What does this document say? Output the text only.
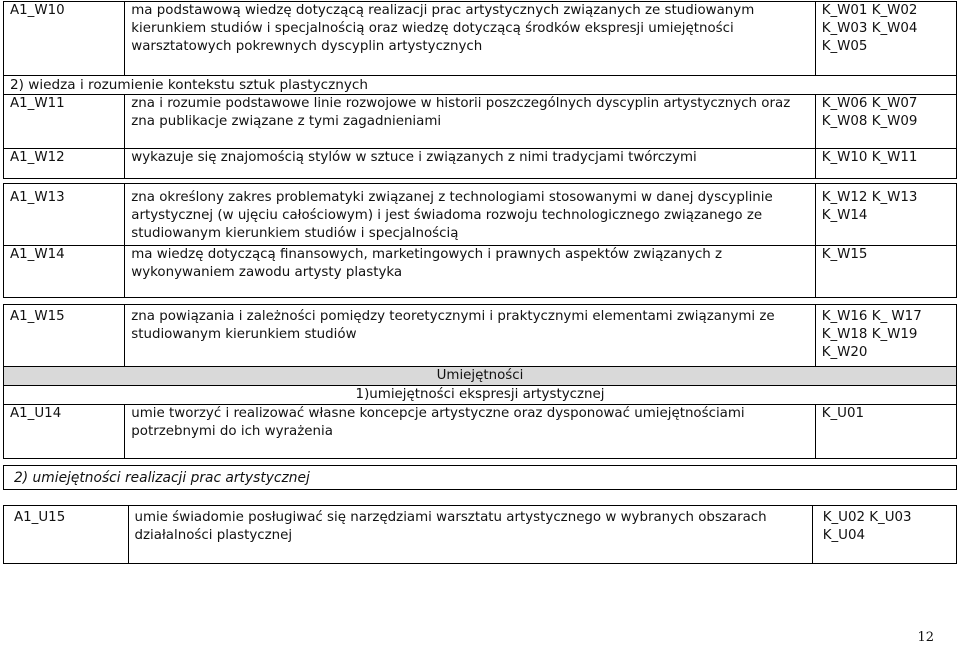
A1_W10	ma podstawową wiedzę dotyczącą realizacji prac artystycznych związanych ze studiowanym kierunkiem studiów i specjalnością oraz wiedzę dotyczącą środków ekspresji umiejętności warsztatowych pokrewnych dyscyplin artystycznych	K_W01 K_W02 K_W03 K_W04 K_W05
2) wiedza i rozumienie kontekstu sztuk plastycznych		
A1_W11	zna i rozumie podstawowe linie rozwojowe w historii poszczególnych dyscyplin artystycznych oraz zna publikacje związane z tymi zagadnieniami	K_W06 K_W07 K_W08 K_W09
A1_W12	wykazuje się znajomością stylów w sztuce i związanych z nimi tradycjami twórczymi	K_W10 K_W11
A1_W13	zna określony zakres problematyki związanej z technologiami stosowanymi w danej dyscyplinie artystycznej (w ujęciu całościowym) i jest świadoma rozwoju technologicznego związanego ze studiowanym kierunkiem studiów i specjalnością	K_W12 K_W13 K_W14
A1_W14	ma wiedzę dotyczącą finansowych, marketingowych i prawnych aspektów związanych z wykonywaniem zawodu artysty plastyka	K_W15
A1_W15	zna powiązania i zależności pomiędzy teoretycznymi i praktycznymi elementami związanymi ze studiowanym kierunkiem studiów	K_W16 K_ W17 K_W18 K_W19 K_W20
Umiejętności		
1)umiejętności ekspresji artystycznej		
A1_U14	umie tworzyć i realizować własne koncepcje artystyczne oraz dysponować umiejętnościami potrzebnymi do ich wyrażenia	K_U01
2) umiejętności realizacji prac artystycznej
A1_U15	umie świadomie posługiwać się narzędziami warsztatu artystycznego w wybranych obszarach działalności plastycznej	K_U02 K_U03 K_U04
12
